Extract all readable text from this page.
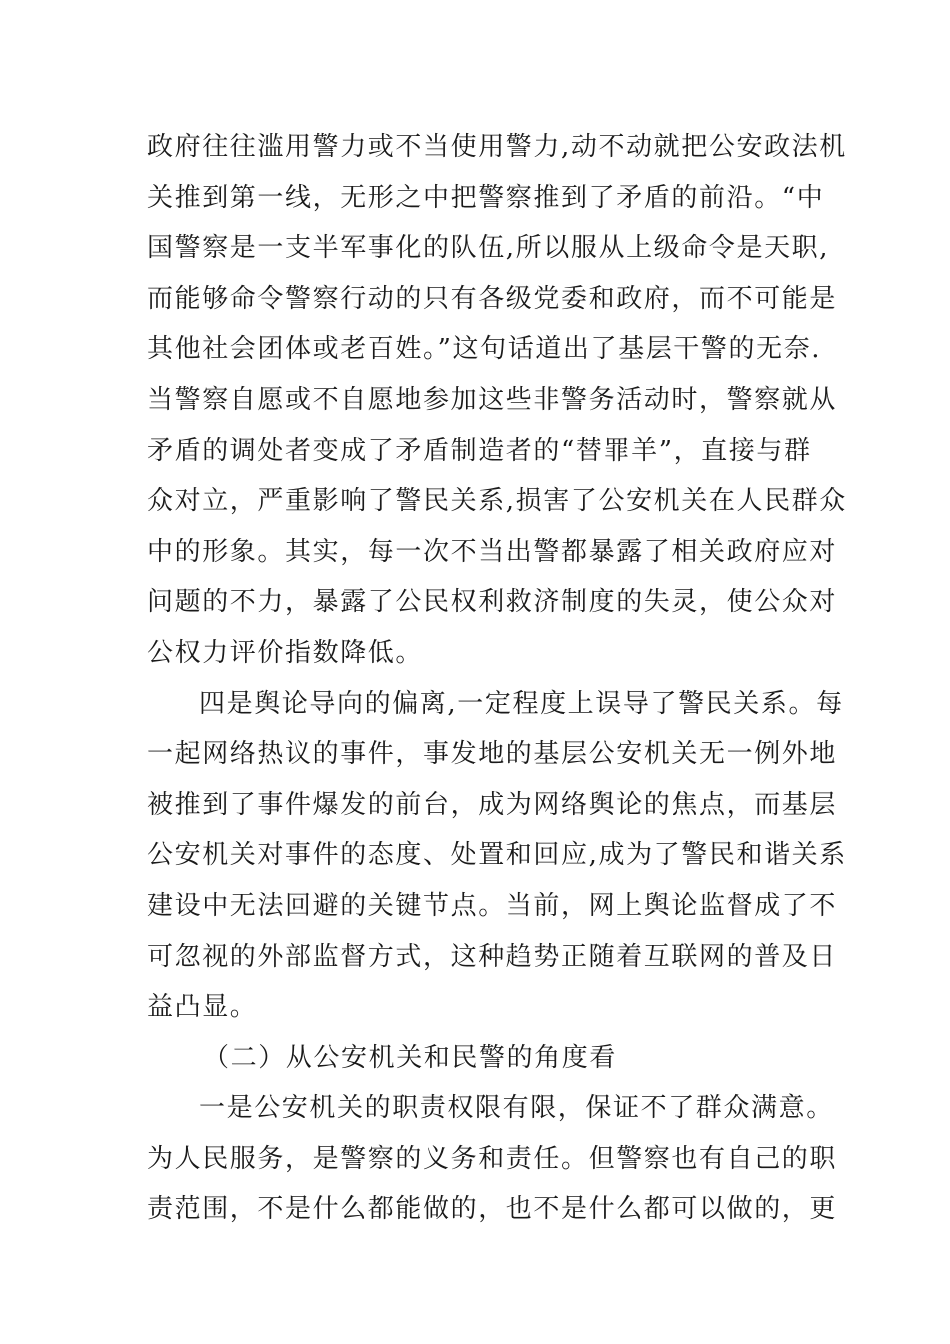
政府往往滥用警力或不当使用警力,动不动就把公安政法机
关推到第一线，无形之中把警察推到了矛盾的前沿。“中
国警察是一支半军事化的队伍,所以服从上级命令是天职,
而能够命令警察行动的只有各级党委和政府，而不可能是
其他社会团体或老百姓。”这句话道出了基层干警的无奈.
当警察自愿或不自愿地参加这些非警务活动时，警察就从
矛盾的调处者变成了矛盾制造者的“替罪羊”，直接与群
众对立，严重影响了警民关系,损害了公安机关在人民群众
中的形象。其实，每一次不当出警都暴露了相关政府应对
问题的不力，暴露了公民权利救济制度的失灵，使公众对
公权力评价指数降低。
四是舆论导向的偏离,一定程度上误导了警民关系。每
一起网络热议的事件，事发地的基层公安机关无一例外地
被推到了事件爆发的前台，成为网络舆论的焦点，而基层
公安机关对事件的态度、处置和回应,成为了警民和谐关系
建设中无法回避的关键节点。当前，网上舆论监督成了不
可忽视的外部监督方式，这种趋势正随着互联网的普及日
益凸显。
（二）从公安机关和民警的角度看
一是公安机关的职责权限有限，保证不了群众满意。
为人民服务，是警察的义务和责任。但警察也有自己的职
责范围，不是什么都能做的，也不是什么都可以做的，更
